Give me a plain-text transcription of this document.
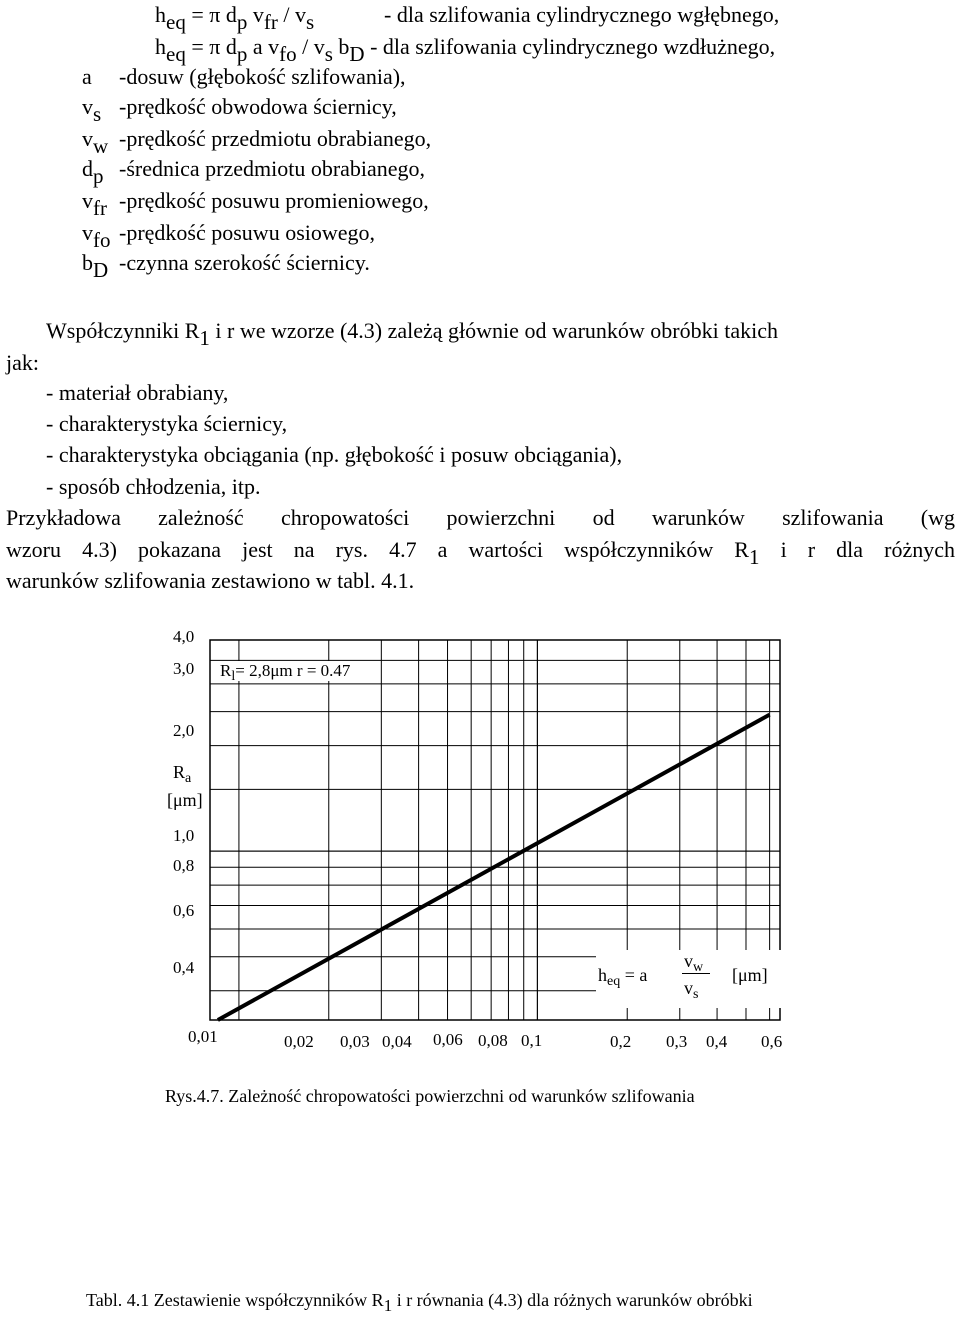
$h_{eq} = \pi$ $d_p$ $v_{fr} / v_s$	- dla szlifowania cylindrycznego wgłębnego,
$h_{eq} = \pi$ $d_p$ a $v_{fo} / v_s$ $b_D$ - dla szlifowania cylindrycznego wzdłużnego,
a -dosuw (głębokość szlifowania),
$v_s$ -prędkość obwodowa ściernicy,
$v_w$ -prędkość przedmiotu obrabianego,
$d_p$ -średnica przedmiotu obrabianego,
$v_{fr}$ -prędkość posuwu promieniowego,
$v_{fo}$ -prędkość posuwu osiowego,
$b_D$ -czynna szerokość ściernicy.
Współczynniki $R_1$ i r we wzorze (4.3) zależą głównie od warunków obróbki takich
jak:
- materiał obrabiany,
- charakterystyka ściernicy,
- charakterystyka obciągania (np. głębokość i posuw obciągania),
- sposób chłodzenia, itp.
Przykładowa zależność chropowatości powierzchni od warunków szlifowania (wg
wzoru 4.3) pokazana jest na rys. 4.7 a wartości współczynników $R_1$ i r dla różnych
warunków szlifowania zestawiono w tabl. 4.1.
4,0
3,0
2,0
1,0
0,8
0,6
0,4
$R_a$
[μm]
$R_l= 2,8\mu m$ r = 0.47
0,01	0,02 0,03 0,04 0,06 0,08 0,1	0,2 0,3 0,4 0,6
$h_{eq} = a$
$v_w$
$v_s$
[μm]
Rys.4.7. Zależność chropowatości powierzchni od warunków szlifowania
Tabl. 4.1 Zestawienie współczynników $R_1$ i r równania (4.3) dla różnych warunków obróbki
